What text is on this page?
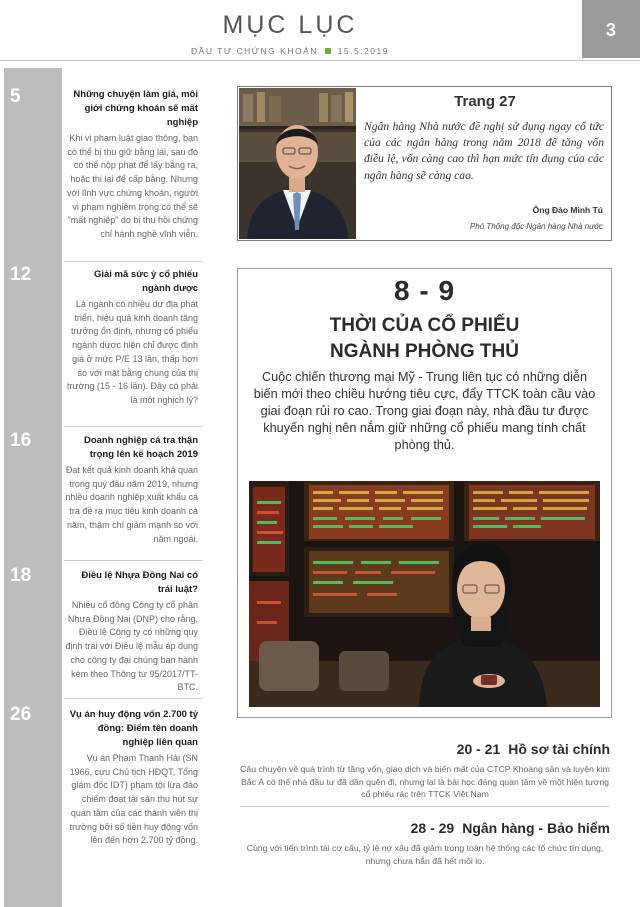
MỤC LỤC
ĐẦU TƯ CHỨNG KHOÁN 15.5.2019
3
5	Những chuyện làm giá, môi giới chứng khoán sẽ mất nghiệp
Khi vi phạm luật giao thông, bạn có thể bị thu giữ bằng lái, sau đó có thể nộp phạt để lấy bằng ra, hoặc thi lại để cấp bằng. Nhưng với lĩnh vực chứng khoán, người vi phạm nghiêm trọng có thể sẽ "mất nghiệp" do bị thu hồi chứng chỉ hành nghề vĩnh viễn.
12	Giải mã sức ỳ cổ phiếu ngành dược
Là ngành có nhiều dư địa phát triển, hiệu quả kinh doanh tăng trưởng ổn định, nhưng cổ phiếu ngành dược hiện chỉ được định giá ở mức P/E 13 lần, thấp hơn so với mặt bằng chung của thị trường (15 - 16 lần). Đây có phải là một nghịch lý?
16	Doanh nghiệp cá tra thận trọng lên kế hoạch 2019
Đạt kết quả kinh doanh khả quan trong quý đầu năm 2019, nhưng nhiều doanh nghiệp xuất khẩu cá tra đề ra mục tiêu kinh doanh cả năm, thậm chí giảm mạnh so với năm ngoái.
18	Điều lệ Nhựa Đồng Nai có trái luật?
Nhiều cổ đông Công ty cổ phần Nhựa Đồng Nai (DNP) cho rằng, Điều lệ Công ty có những quy định trái với Điều lệ mẫu áp dụng cho công ty đại chúng ban hành kèm theo Thông tư 95/2017/TT-BTC.
26	Vụ án huy động vốn 2.700 tỷ đồng: Điểm tên doanh nghiệp liên quan
Vụ án Phạm Thanh Hải (SN 1966, cựu Chủ tịch HĐQT, Tổng giám đốc IDT) phạm tội lừa đảo chiếm đoạt tài sản thu hút sự quan tâm của các thành viên thị trường bởi số tiền huy động vốn lên đến hơn 2.700 tỷ đồng.
Trang 27
Ngân hàng Nhà nước đề nghị sử dụng ngay cổ tức của các ngân hàng trong năm 2018 để tăng vốn điều lệ, vốn càng cao thì hạn mức tín dụng của các ngân hàng sẽ càng cao.
Ông Đào Minh Tú
Phó Thống đốc Ngân hàng Nhà nước
8 - 9
THỜI CỦA CỔ PHIẾU
NGÀNH PHÒNG THỦ
Cuộc chiến thương mại Mỹ - Trung liên tục có những diễn biến mới theo chiều hướng tiêu cực, đẩy TTCK toàn cầu vào giai đoạn rủi ro cao. Trong giai đoạn này, nhà đầu tư được khuyến nghị nên nắm giữ những cổ phiếu mang tính chất phòng thủ.
20 - 21 Hồ sơ tài chính
Câu chuyện về quá trình từ tăng vốn, giao dịch và biến mất của CTCP Khoáng sản và luyện kim Bắc Á có thể nhà đầu tư đã dần quên đi, nhưng lại là bài học đáng quan tâm về một hiện tượng cổ phiếu rác trên TTCK Việt Nam
28 - 29 Ngân hàng - Bảo hiểm
Cùng với tiến trình tái cơ cấu, tỷ lệ nợ xấu đã giảm trong toàn hệ thống các tổ chức tín dụng, nhưng chưa hẳn đã hết mối lo.
